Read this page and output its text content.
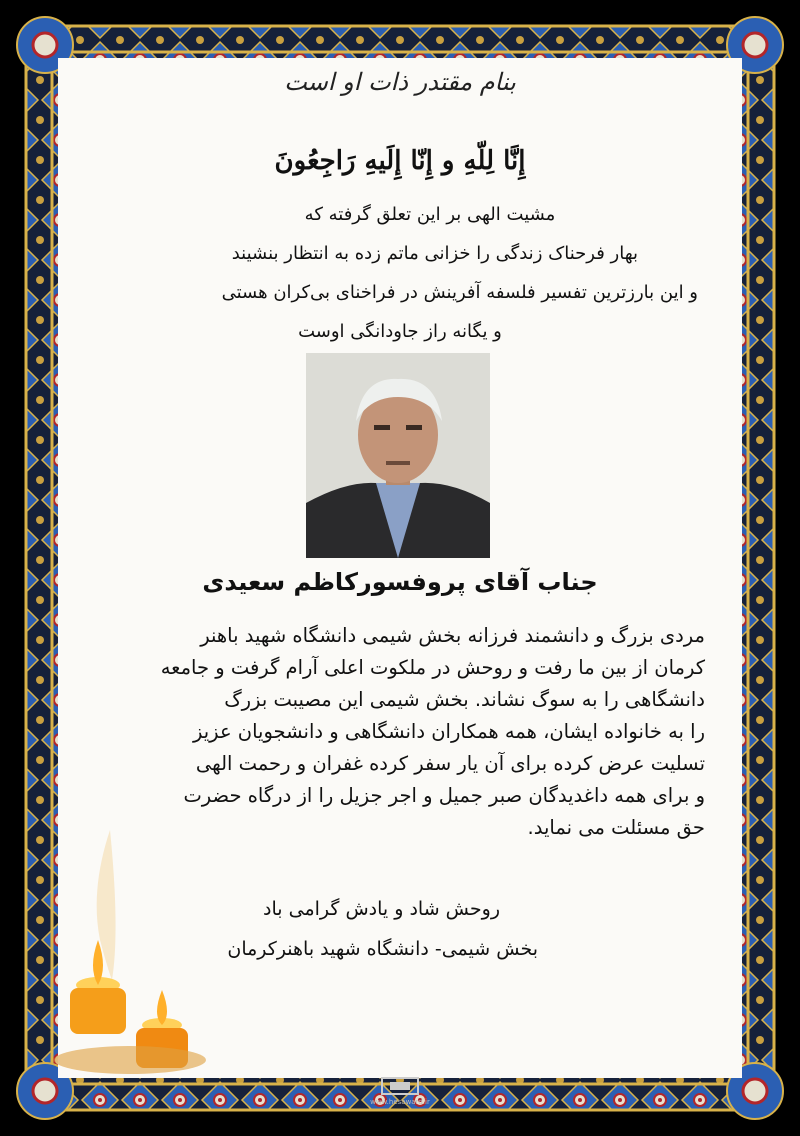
بنام مقتدر ذات او است
إِنَّا لِلّهِ و إِنّا إِلَیهِ رَاجِعُونَ
مشیت الهی بر این تعلق گرفته که
بهار فرحناک زندگی را خزانی ماتم زده به انتظار بنشیند
و این بارزترین تفسیر فلسفه آفرینش در فراخنای بی‌کران هستی
و یگانه راز جاودانگی اوست
جناب آقای پروفسورکاظم سعیدی
مردی بزرگ و دانشمند فرزانه بخش شیمی دانشگاه شهید باهنر
کرمان از بین ما رفت و روحش در ملکوت اعلی آرام گرفت و جامعه
دانشگاهی را به سوگ نشاند. بخش شیمی این مصیبت بزرگ
را به خانواده ایشان، همه همکاران دانشگاهی و دانشجویان عزیز
تسلیت عرض کرده برای آن یار سفر کرده غفران و رحمت الهی
و برای همه داغدیدگان صبر جمیل و اجر جزیل را از درگاه حضرت
حق مسئلت می نماید.
روحش شاد و یادش گرامی باد
بخش شیمی- دانشگاه شهید باهنرکرمان
www.hesaward.ir
